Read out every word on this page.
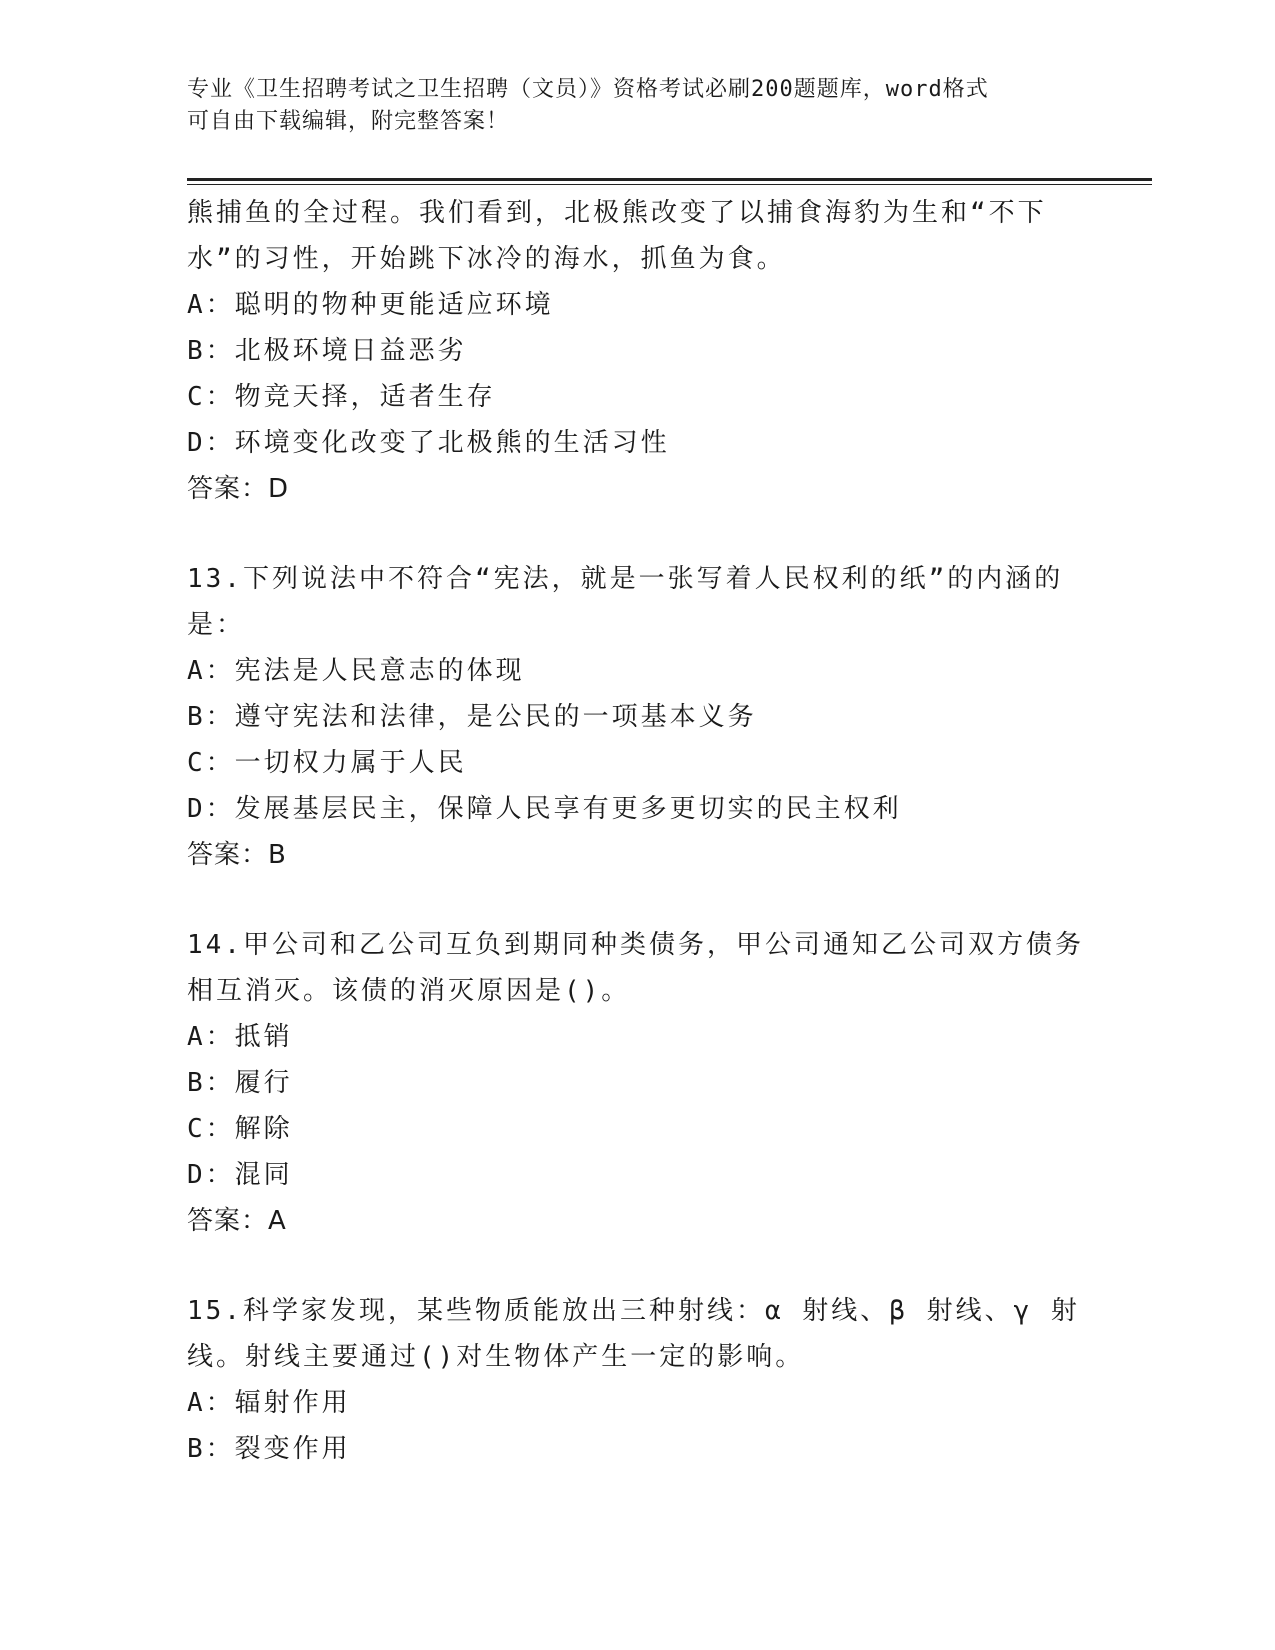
专业《卫生招聘考试之卫生招聘（文员）》资格考试必刷200题题库，word格式
可自由下载编辑，附完整答案！
熊捕鱼的全过程。我们看到，北极熊改变了以捕食海豹为生和“不下
水”的习性，开始跳下冰冷的海水，抓鱼为食。
A：聪明的物种更能适应环境
B：北极环境日益恶劣
C：物竞天择，适者生存
D：环境变化改变了北极熊的生活习性
答案：D
13.下列说法中不符合“宪法，就是一张写着人民权利的纸”的内涵的
是：
A：宪法是人民意志的体现
B：遵守宪法和法律，是公民的一项基本义务
C：一切权力属于人民
D：发展基层民主，保障人民享有更多更切实的民主权利
答案：B
14.甲公司和乙公司互负到期同种类债务，甲公司通知乙公司双方债务
相互消灭。该债的消灭原因是()。
A：抵销
B：履行
C：解除
D：混同
答案：A
15.科学家发现，某些物质能放出三种射线：α 射线、β 射线、γ 射
线。射线主要通过()对生物体产生一定的影响。
A：辐射作用
B：裂变作用
